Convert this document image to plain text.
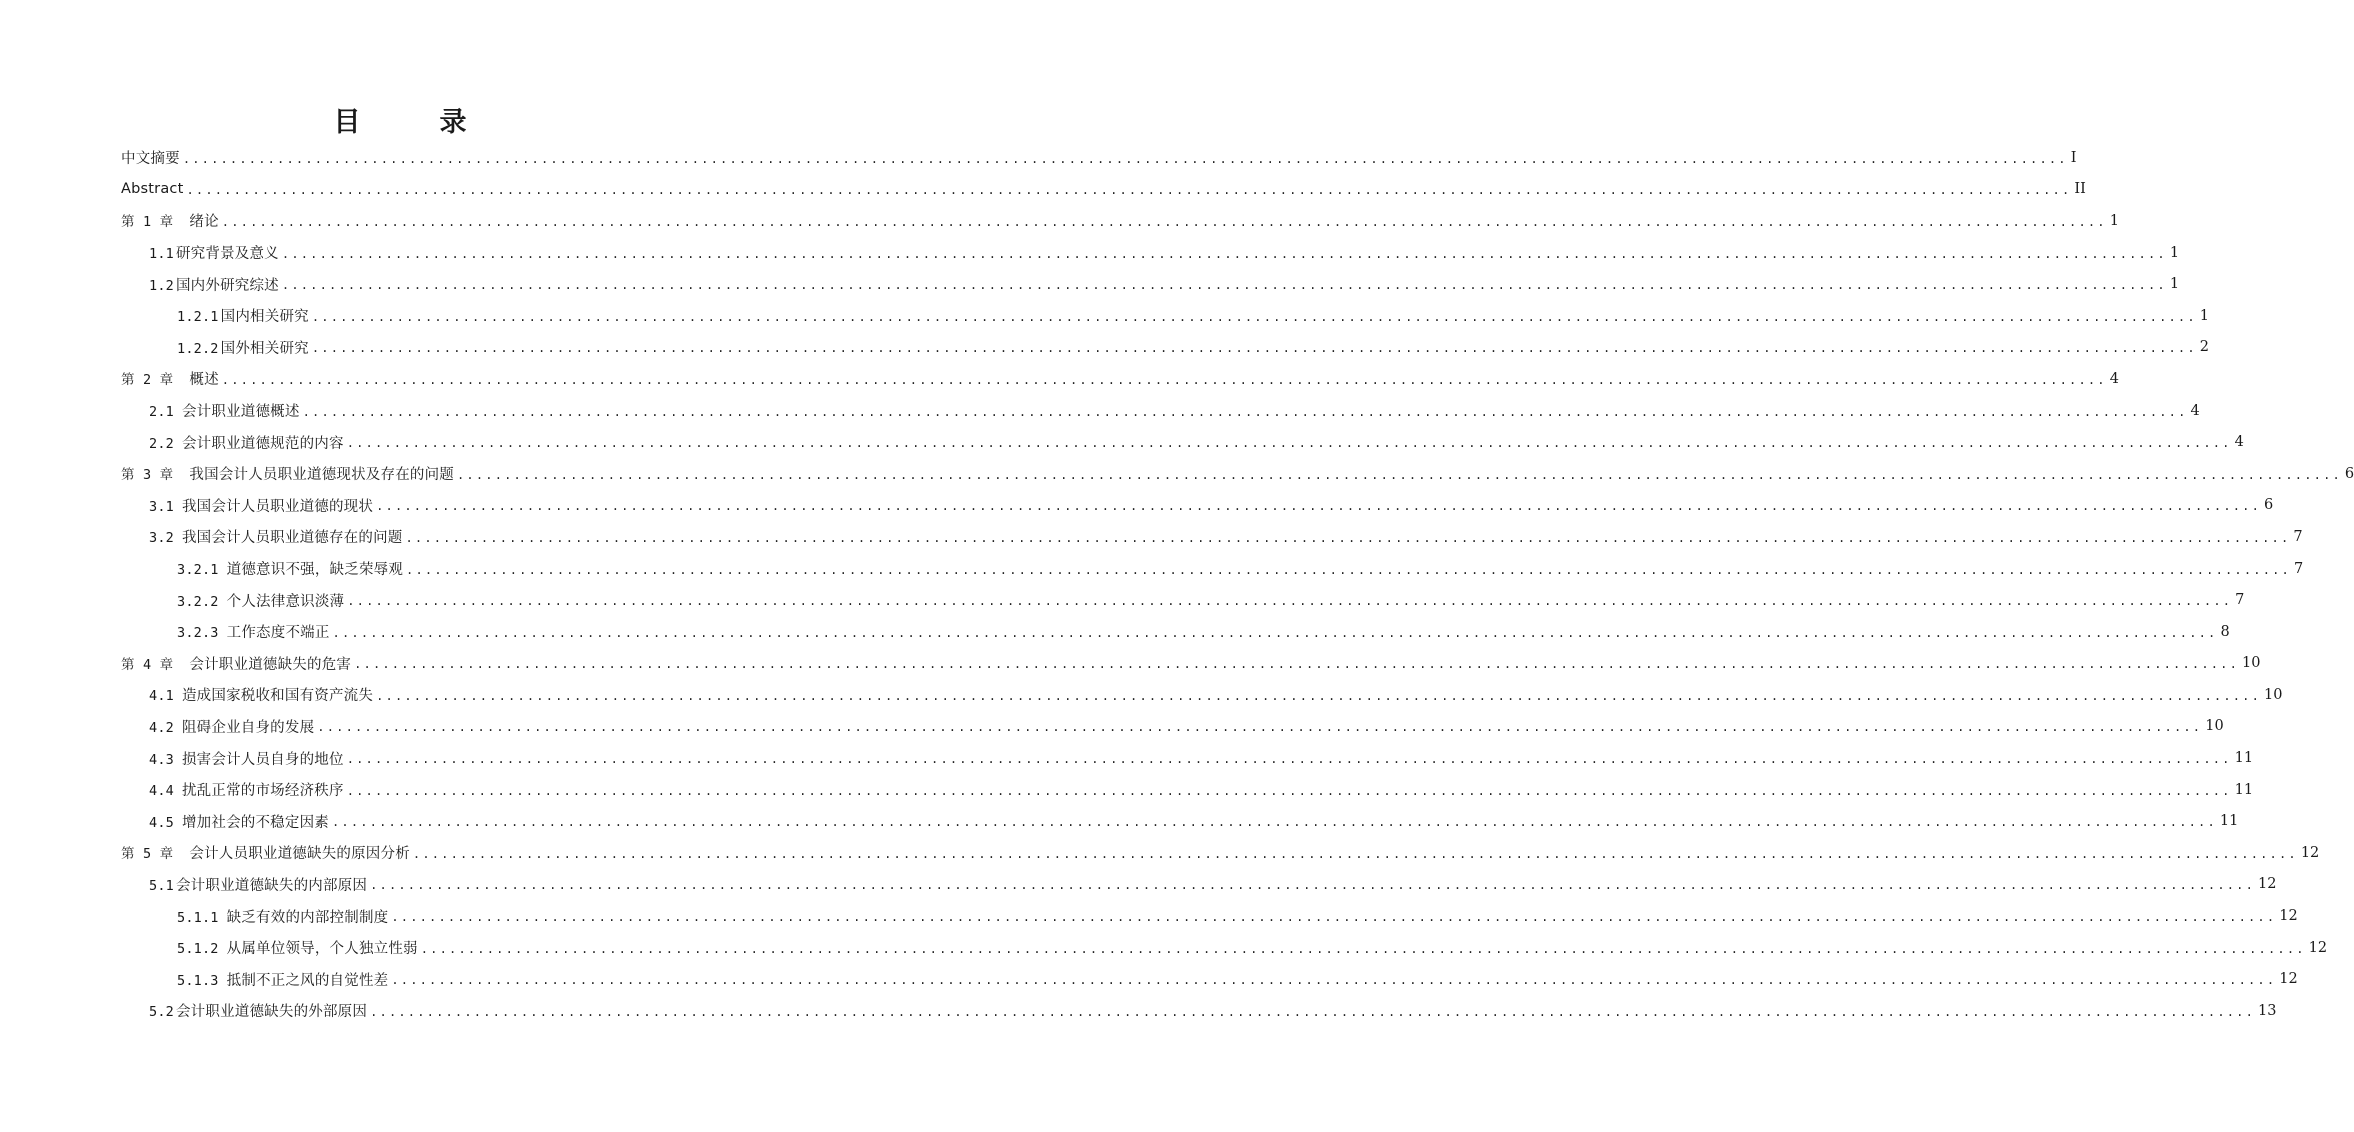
目　录
中文摘要 ........................................................................................................................................................................................................ I
Abstract ........................................................................................................................................................................................................ II
第 1 章 绪论 ........................................................................................................................................................................................................ 1
1.1 研究背景及意义 ........................................................................................................................................................................................................ 1
1.2 国内外研究综述 ........................................................................................................................................................................................................ 1
1.2.1 国内相关研究 ........................................................................................................................................................................................................ 1
1.2.2 国外相关研究 ........................................................................................................................................................................................................ 2
第 2 章 概述 ........................................................................................................................................................................................................ 4
2.1 会计职业道德概述 ........................................................................................................................................................................................................ 4
2.2 会计职业道德规范的内容 ........................................................................................................................................................................................................ 4
第 3 章 我国会计人员职业道德现状及存在的问题 ........................................................................................................................................................................................................ 6
3.1 我国会计人员职业道德的现状 ........................................................................................................................................................................................................ 6
3.2 我国会计人员职业道德存在的问题 ........................................................................................................................................................................................................ 7
3.2.1 道德意识不强，缺乏荣辱观 ........................................................................................................................................................................................................ 7
3.2.2 个人法律意识淡薄 ........................................................................................................................................................................................................ 7
3.2.3 工作态度不端正 ........................................................................................................................................................................................................ 8
第 4 章 会计职业道德缺失的危害 ........................................................................................................................................................................................................ 10
4.1 造成国家税收和国有资产流失 ........................................................................................................................................................................................................ 10
4.2 阻碍企业自身的发展 ........................................................................................................................................................................................................ 10
4.3 损害会计人员自身的地位 ........................................................................................................................................................................................................ 11
4.4 扰乱正常的市场经济秩序 ........................................................................................................................................................................................................ 11
4.5 增加社会的不稳定因素 ........................................................................................................................................................................................................ 11
第 5 章 会计人员职业道德缺失的原因分析 ........................................................................................................................................................................................................ 12
5.1 会计职业道德缺失的内部原因 ........................................................................................................................................................................................................ 12
5.1.1 缺乏有效的内部控制制度 ........................................................................................................................................................................................................ 12
5.1.2 从属单位领导，个人独立性弱 ........................................................................................................................................................................................................ 12
5.1.3 抵制不正之风的自觉性差 ........................................................................................................................................................................................................ 12
5.2 会计职业道德缺失的外部原因 ........................................................................................................................................................................................................ 13
